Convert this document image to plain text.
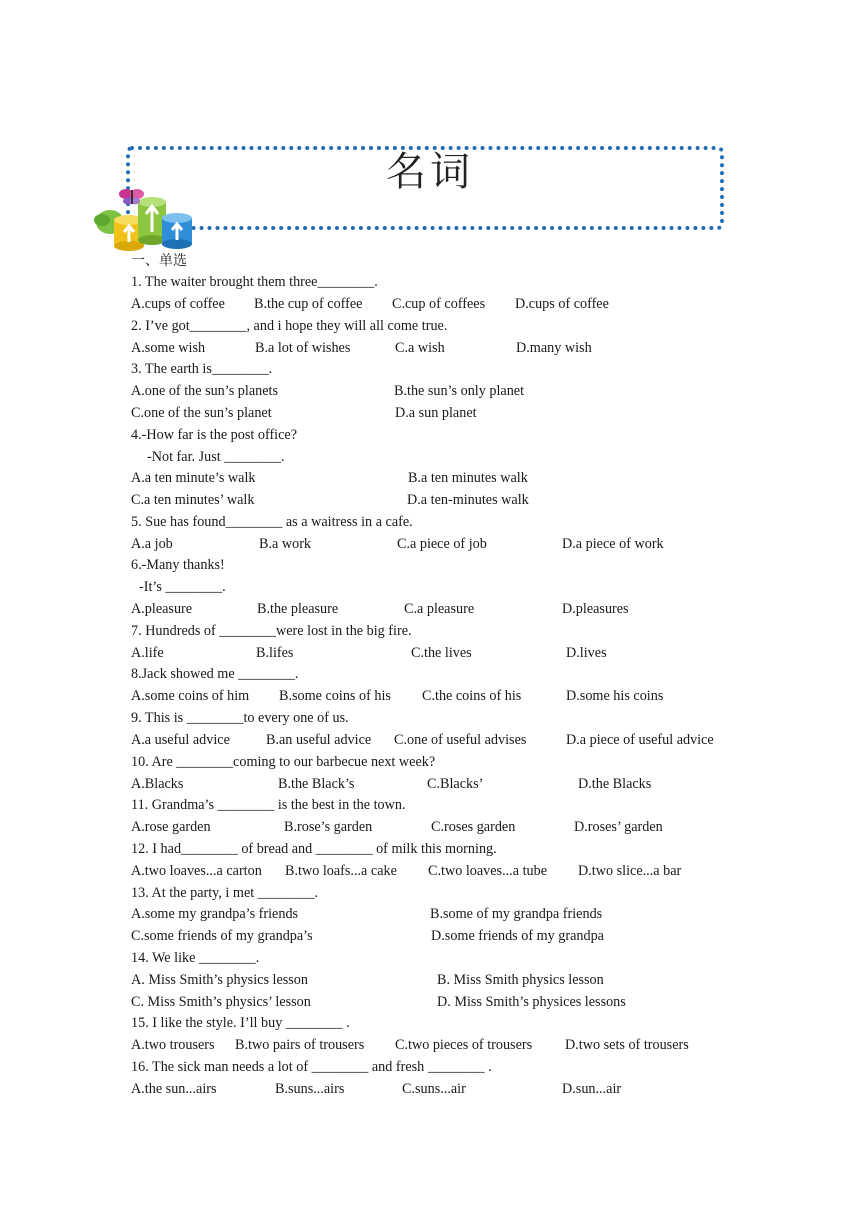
名词
一、单选
1. The waiter brought them three________.
A.cups of coffee B.the cup of coffee C.cup of coffees D.cups of coffee
2. I’ve got________, and i hope they will all come true.
A.some wish	B.a lot of wishes	C.a wish	D.many wish
3. The earth is________.
A.one of the sun’s planets	B.the sun’s only planet
C.one of the sun’s planet	D.a sun planet
4.-How far is the post office?
-Not far. Just ________.
A.a ten minute’s walk	B.a ten minutes walk
C.a ten minutes’ walk	D.a ten-minutes walk
5. Sue has found________ as a waitress in a cafe.
A.a job	B.a work	C.a piece of job	D.a piece of work
6.-Many thanks!
-It’s ________.
A.pleasure	B.the pleasure	C.a pleasure	D.pleasures
7. Hundreds of ________were lost in the big fire.
A.life	B.lifes	C.the lives	D.lives
8.Jack showed me ________.
A.some coins of him B.some coins of his C.the coins of his	D.some his coins
9. This is ________to every one of us.
A.a useful advice	B.an useful advice C.one of useful advises	D.a piece of useful advice
10. Are ________coming to our barbecue next week?
A.Blacks	B.the Black’s	C.Blacks’	D.the Blacks
11. Grandma’s ________ is the best in the town.
A.rose garden	B.rose’s garden	C.roses garden	D.roses’ garden
12. I had________ of bread and ________ of milk this morning.
A.two loaves...a carton B.two loafs...a cake C.two loaves...a tube D.two slice...a bar
13. At the party, i met ________.
A.some my grandpa’s friends	B.some of my grandpa friends
C.some friends of my grandpa’s	D.some friends of my grandpa
14. We like ________.
A. Miss Smith’s physics lesson	B. Miss Smith physics lesson
C. Miss Smith’s physics’ lesson	D. Miss Smith’s physices lessons
15. I like the style. I’ll buy ________ .
A.two trousers B.two pairs of trousers C.two pieces of trousers D.two sets of trousers
16. The sick man needs a lot of ________ and fresh ________ .
A.the sun...airs	B.suns...airs	C.suns...air	D.sun...air
